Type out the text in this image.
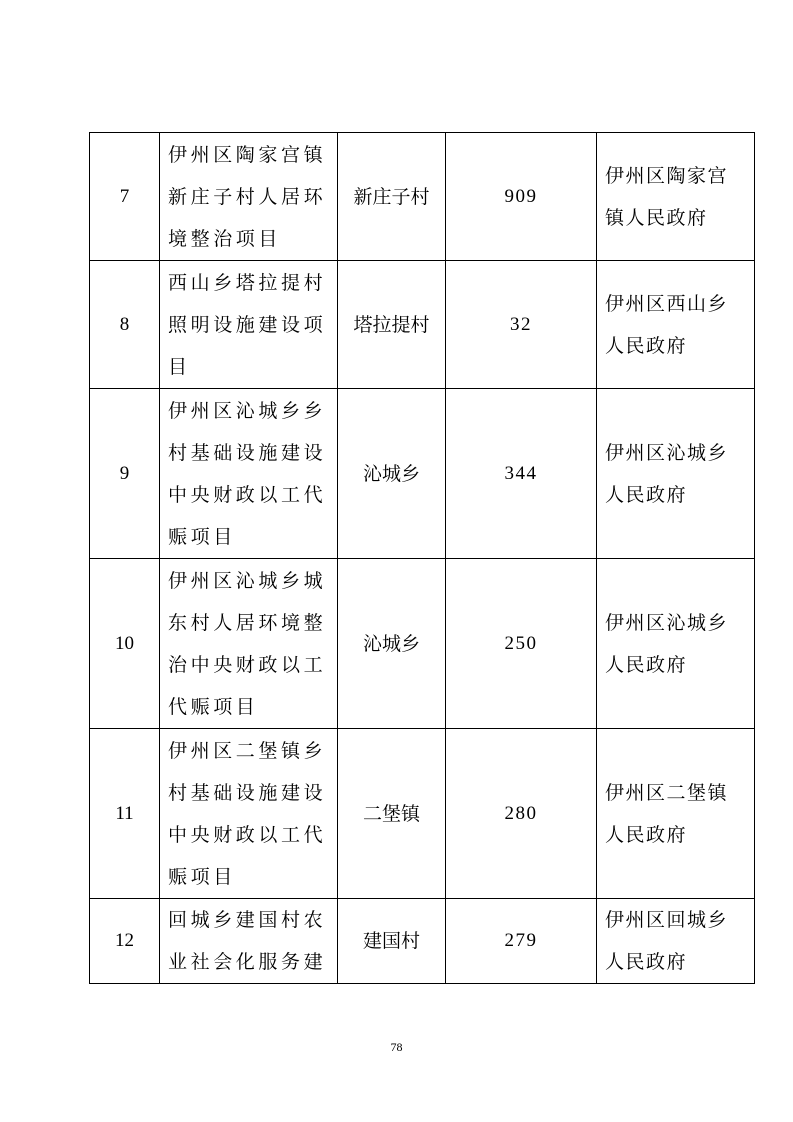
7	伊州区陶家宫镇新庄子村人居环境整治项目	新庄子村	909	伊州区陶家宫镇人民政府

8	西山乡塔拉提村照明设施建设项目	塔拉提村	32	伊州区西山乡人民政府

9	伊州区沁城乡乡村基础设施建设中央财政以工代赈项目	沁城乡	344	伊州区沁城乡人民政府

10	伊州区沁城乡城东村人居环境整治中央财政以工代赈项目	沁城乡	250	伊州区沁城乡人民政府

11	伊州区二堡镇乡村基础设施建设中央财政以工代赈项目	二堡镇	280	伊州区二堡镇人民政府

12	回城乡建国村农业社会化服务建	建国村	279	伊州区回城乡人民政府
78
